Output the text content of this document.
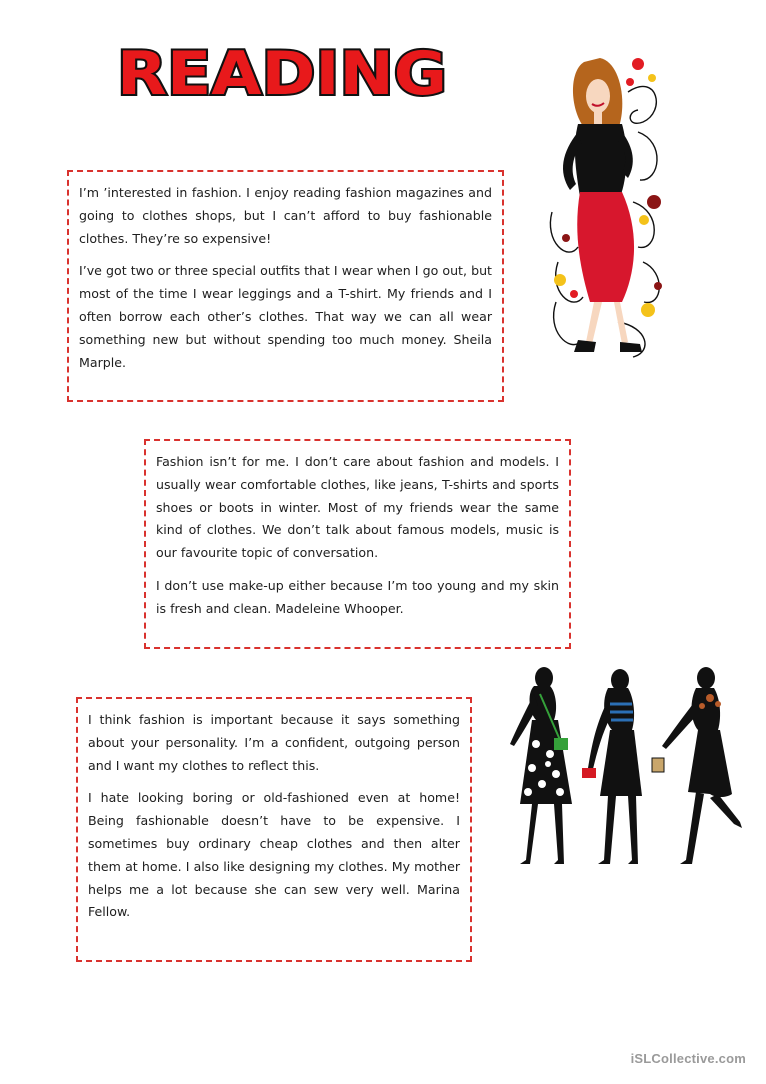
READING

I’m ’interested in fashion. I enjoy reading fashion magazines and going to clothes shops, but I can’t afford to buy fashionable clothes. They’re so expensive!

I’ve got two or three special outfits that I wear when I go out, but most of the time I wear leggings and a T-shirt. My friends and I often borrow each other’s clothes. That way we can all wear something new but without spending too much money. Sheila Marple.

Fashion isn’t for me. I don’t care about fashion and models. I usually wear comfortable clothes, like jeans, T-shirts and sports shoes or boots in winter. Most of my friends wear the same kind of clothes. We don’t talk about famous models, music is our favourite topic of conversation.

I don’t use make-up either because I’m too young and my skin is fresh and clean. Madeleine Whooper.

I think fashion is important because it says something about your personality. I’m a confident, outgoing person and I want my clothes to reflect this.

I hate looking boring or old-fashioned even at home! Being fashionable doesn’t have to be expensive. I sometimes buy ordinary cheap clothes and then alter them at home. I also like designing my clothes. My mother helps me a lot because she can sew very well. Marina Fellow.

iSLCollective.com
